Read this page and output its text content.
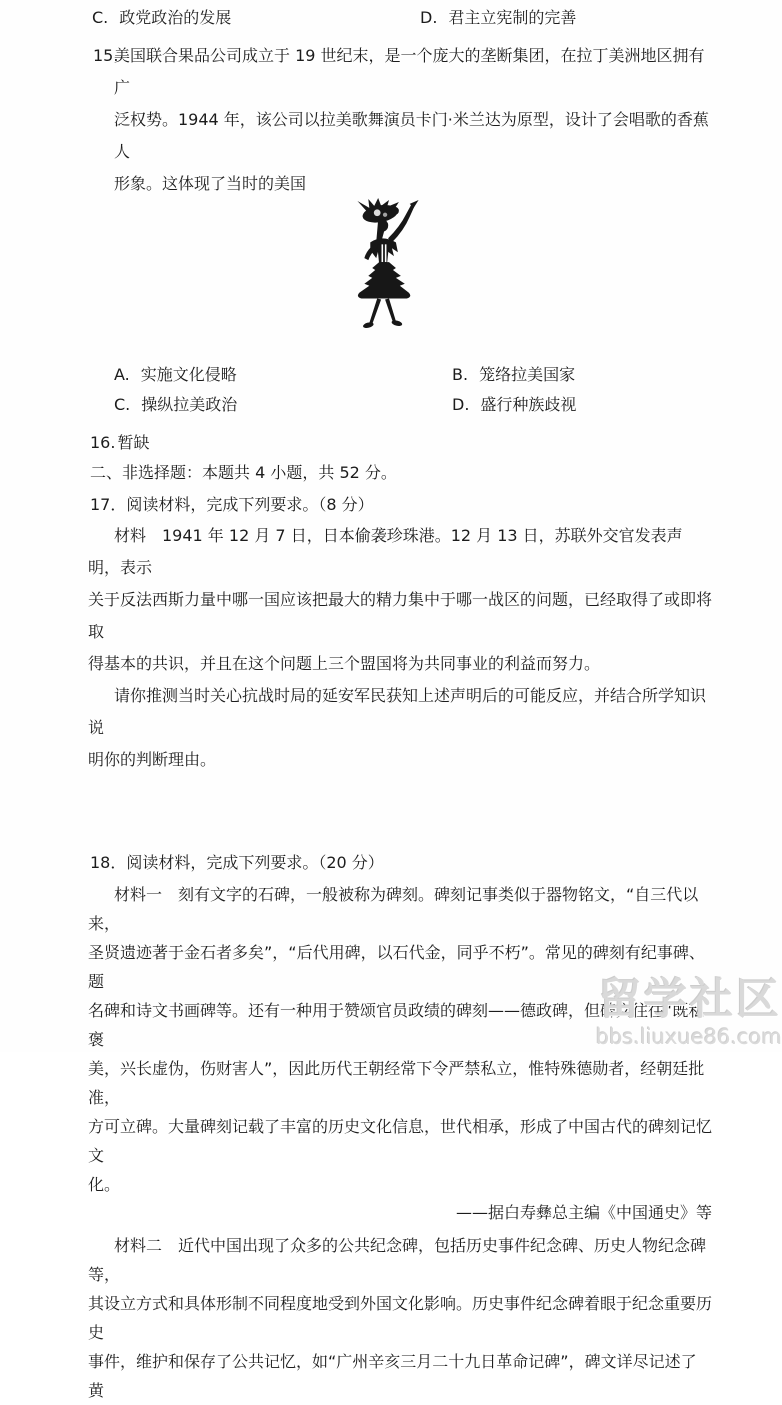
C. 政党政治的发展	D. 君主立宪制的完善
15.
美国联合果品公司成立于 19 世纪末，是一个庞大的垄断集团，在拉丁美洲地区拥有广
泛权势。1944 年，该公司以拉美歌舞演员卡门·米兰达为原型，设计了会唱歌的香蕉人
形象。这体现了当时的美国
A. 实施文化侵略	B. 笼络拉美国家
C. 操纵拉美政治	D. 盛行种族歧视
16. 暂缺
二、非选择题：本题共 4 小题，共 52 分。
17．阅读材料，完成下列要求。（8 分）
材料　1941 年 12 月 7 日，日本偷袭珍珠港。12 月 13 日，苏联外交官发表声明，表示
关于反法西斯力量中哪一国应该把最大的精力集中于哪一战区的问题，已经取得了或即将取
得基本的共识，并且在这个问题上三个盟国将为共同事业的利益而努力。
请你推测当时关心抗战时局的延安军民获知上述声明后的可能反应，并结合所学知识说
明你的判断理由。
18．阅读材料，完成下列要求。（20 分）
材料一　刻有文字的石碑，一般被称为碑刻。碑刻记事类似于器物铭文，“自三代以来，
圣贤遗迹著于金石者多矣”，“后代用碑，以石代金，同乎不朽”。常见的碑刻有纪事碑、题
名碑和诗文书画碑等。还有一种用于赞颂官员政绩的碑刻——德政碑，但碑文往往“既私褒
美，兴长虚伪，伤财害人”，因此历代王朝经常下令严禁私立，惟特殊德勋者，经朝廷批准，
方可立碑。大量碑刻记载了丰富的历史文化信息，世代相承，形成了中国古代的碑刻记忆文
化。
——据白寿彝总主编《中国通史》等
材料二　近代中国出现了众多的公共纪念碑，包括历史事件纪念碑、历史人物纪念碑等，
其设立方式和具体形制不同程度地受到外国文化影响。历史事件纪念碑着眼于纪念重要历史
事件，维护和保存了公共记忆，如“广州辛亥三月二十九日革命记碑”，碑文详尽记述了黄
留学社区
bbs.liuxue86.com
